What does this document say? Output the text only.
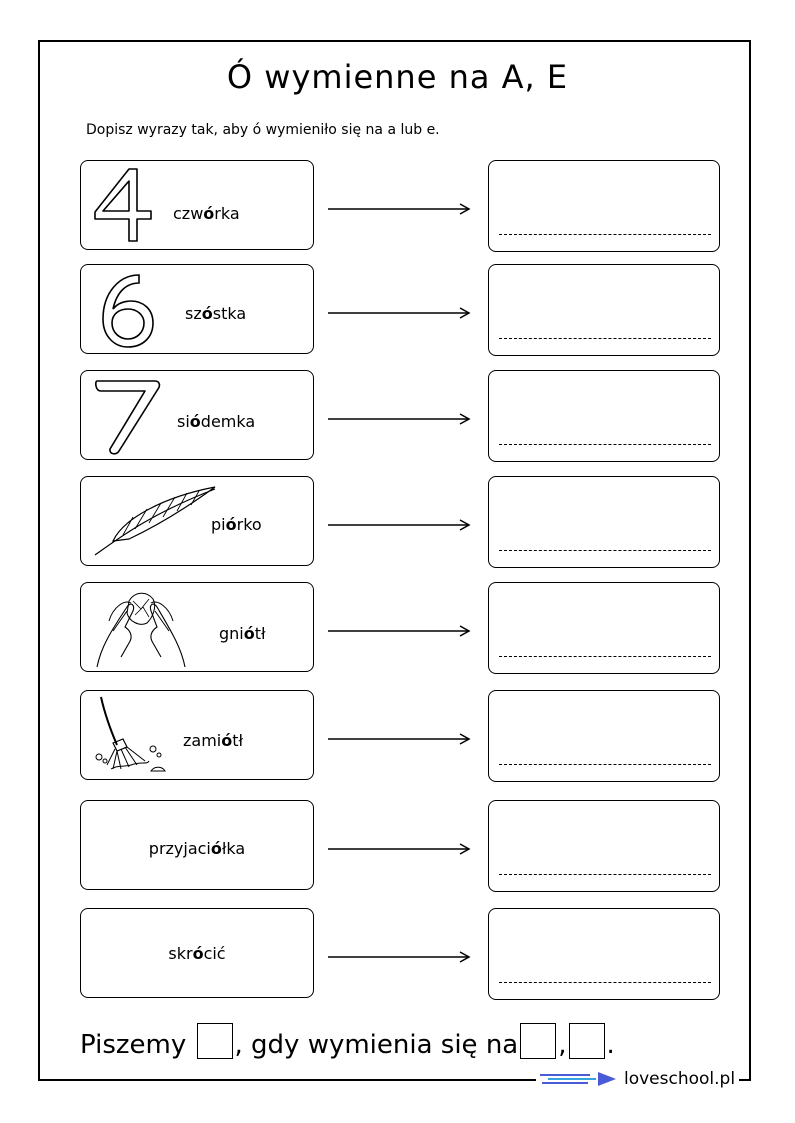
Ó wymienne na A, E
Dopisz wyrazy tak, aby ó wymieniło się na a lub e.
czwórka
szóstka
siódemka
piórko
gniótł
zamiótł
przyjaciółka
skrócić
Piszemy , gdy wymienia się na , .
loveschool.pl
